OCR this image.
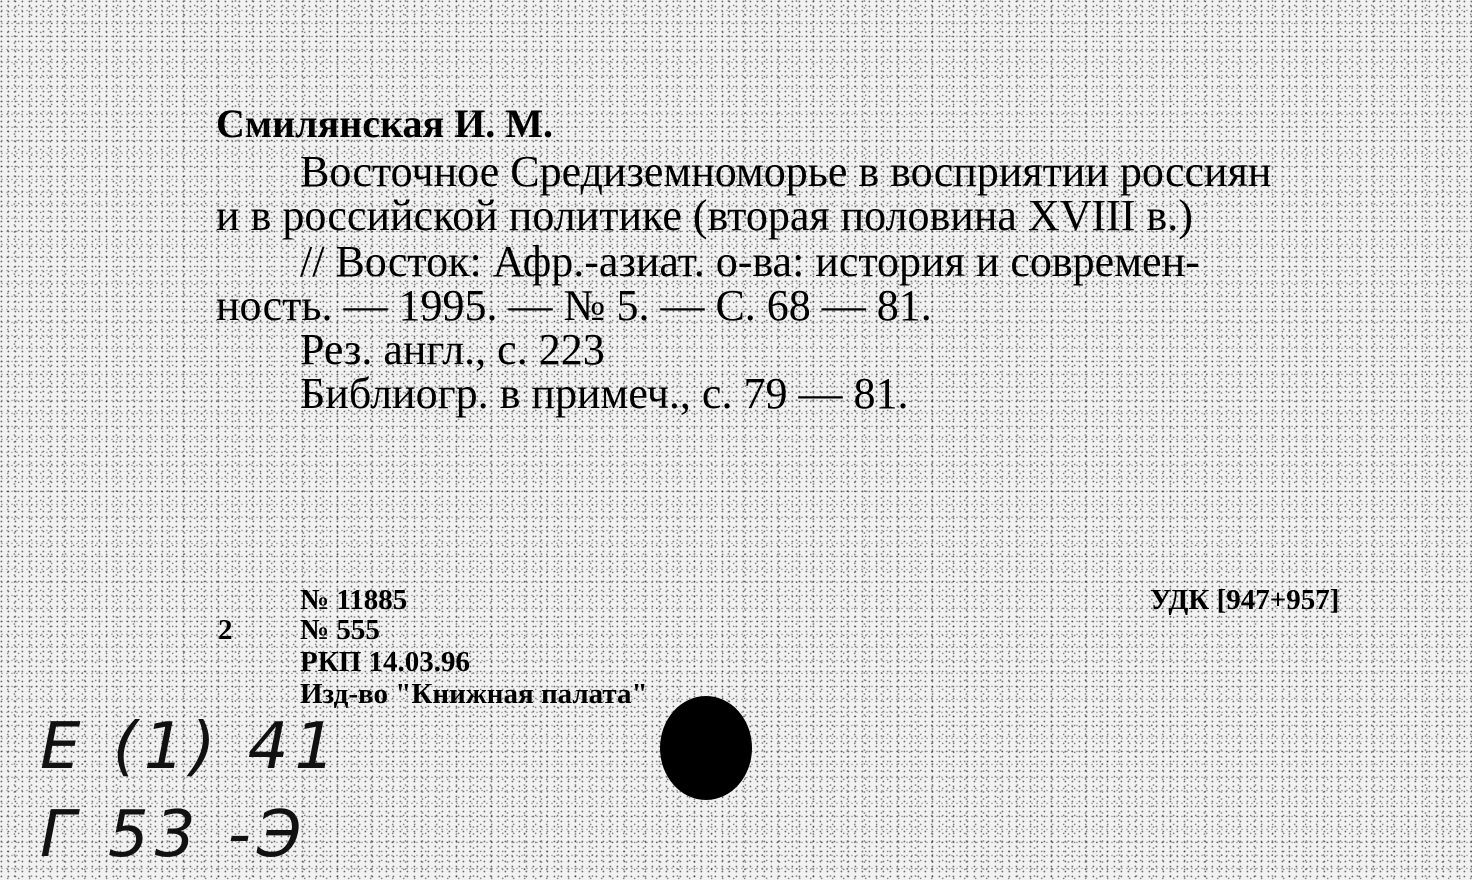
Смилянская И. М.
Восточное Средиземноморье в восприятии россиян
и в российской политике (вторая половина XVIII в.)
// Восток: Афр.-азиат. о-ва: история и современ-
ность. — 1995. — № 5. — С. 68 — 81.
Рез. англ., с. 223
Библиогр. в примеч., с. 79 — 81.
2
№ 11885
№ 555
РКП 14.03.96
Изд-во "Книжная палата"
УДК [947+957]
Е (1) 41
Г 53 -Э
